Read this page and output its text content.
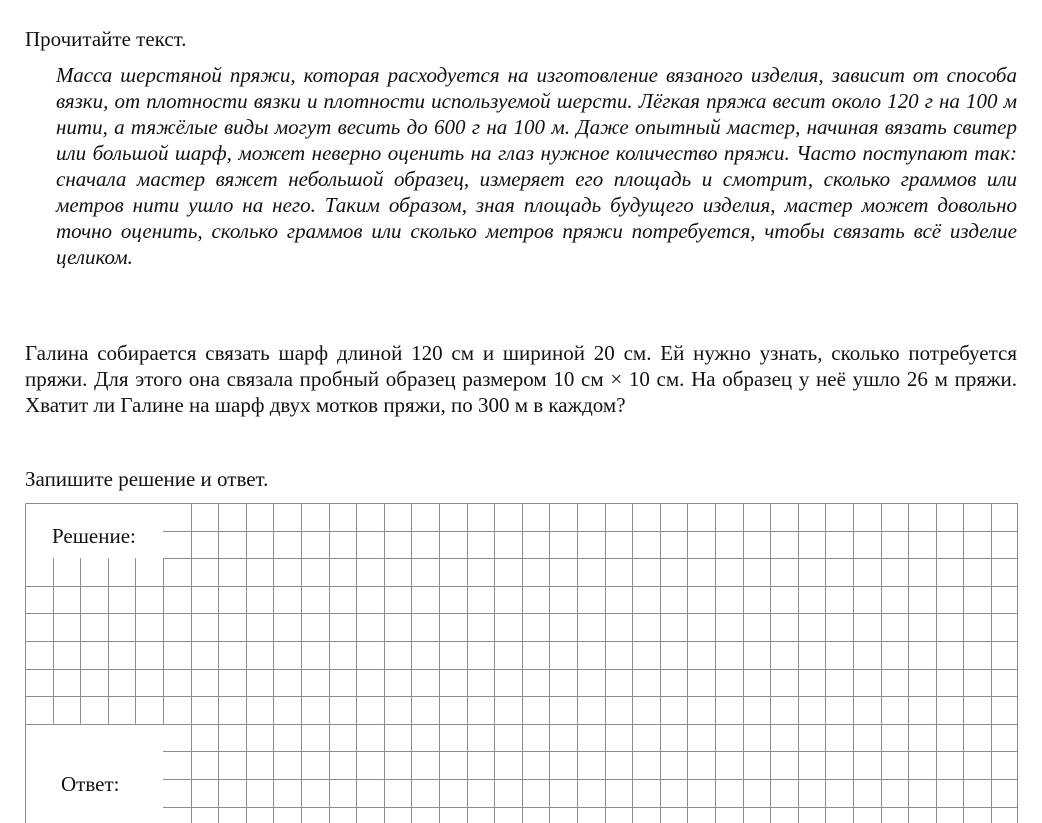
Прочитайте текст.

Масса шерстяной пряжи, которая расходуется на изготовление вязаного изделия, зависит от способа вязки, от плотности вязки и плотности используемой шерсти. Лёгкая пряжа весит около 120 г на 100 м нити, а тяжёлые виды могут весить до 600 г на 100 м. Даже опытный мастер, начиная вязать свитер или большой шарф, может неверно оценить на глаз нужное количество пряжи. Часто поступают так: сначала мастер вяжет небольшой образец, измеряет его площадь и смотрит, сколько граммов или метров нити ушло на него. Таким образом, зная площадь будущего изделия, мастер может довольно точно оценить, сколько граммов или сколько метров пряжи потребуется, чтобы связать всё изделие целиком.

Галина собирается связать шарф длиной 120 см и шириной 20 см. Ей нужно узнать, сколько потребуется пряжи. Для этого она связала пробный образец размером 10 см × 10 см. На образец у неё ушло 26 м пряжи. Хватит ли Галине на шарф двух мотков пряжи, по 300 м в каждом?

Запишите решение и ответ.

Решение:
Ответ:
